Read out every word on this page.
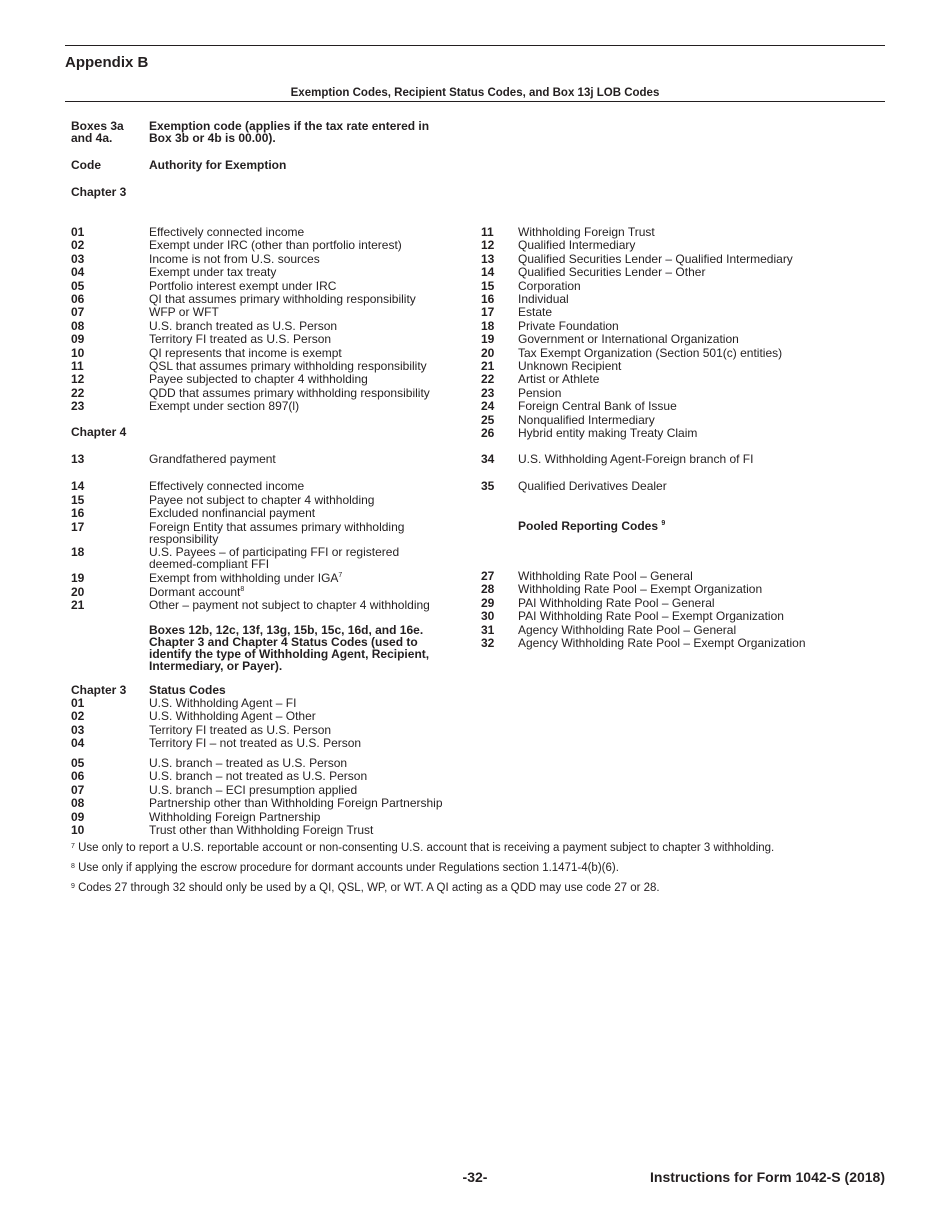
Appendix B
Exemption Codes, Recipient Status Codes, and Box 13j LOB Codes
Boxes 3a and 4a.
Exemption code (applies if the tax rate entered in Box 3b or 4b is 00.00).
Code	Authority for Exemption
Chapter 3
01	Effectively connected income
02	Exempt under IRC (other than portfolio interest)
03	Income is not from U.S. sources
04	Exempt under tax treaty
05	Portfolio interest exempt under IRC
06	QI that assumes primary withholding responsibility
07	WFP or WFT
08	U.S. branch treated as U.S. Person
09	Territory FI treated as U.S. Person
10	QI represents that income is exempt
11	QSL that assumes primary withholding responsibility
12	Payee subjected to chapter 4 withholding
22	QDD that assumes primary withholding responsibility
23	Exempt under section 897(l)
Chapter 4
13	Grandfathered payment
14	Effectively connected income
15	Payee not subject to chapter 4 withholding
16	Excluded nonfinancial payment
17	Foreign Entity that assumes primary withholding responsibility
18	U.S. Payees – of participating FFI or registered deemed-compliant FFI
19	Exempt from withholding under IGA$^7$
20	Dormant account$^8$
21	Other – payment not subject to chapter 4 withholding
Boxes 12b, 12c, 13f, 13g, 15b, 15c, 16d, and 16e. Chapter 3 and Chapter 4 Status Codes (used to identify the type of Withholding Agent, Recipient, Intermediary, or Payer).
Chapter 3 Status Codes
01	U.S. Withholding Agent – FI
02	U.S. Withholding Agent – Other
03	Territory FI treated as U.S. Person
04	Territory FI – not treated as U.S. Person
05	U.S. branch – treated as U.S. Person
06	U.S. branch – not treated as U.S. Person
07	U.S. branch – ECI presumption applied
08	Partnership other than Withholding Foreign Partnership
09	Withholding Foreign Partnership
10	Trust other than Withholding Foreign Trust
11 Withholding Foreign Trust
12 Qualified Intermediary
13 Qualified Securities Lender – Qualified Intermediary
14 Qualified Securities Lender – Other
15 Corporation
16 Individual
17 Estate
18 Private Foundation
19 Government or International Organization
20 Tax Exempt Organization (Section 501(c) entities)
21 Unknown Recipient
22 Artist or Athlete
23 Pension
24 Foreign Central Bank of Issue
25 Nonqualified Intermediary
26 Hybrid entity making Treaty Claim
34 U.S. Withholding Agent-Foreign branch of FI
35 Qualified Derivatives Dealer
Pooled Reporting Codes $^9$
27 Withholding Rate Pool – General
28 Withholding Rate Pool – Exempt Organization
29 PAI Withholding Rate Pool – General
30 PAI Withholding Rate Pool – Exempt Organization
31 Agency Withholding Rate Pool – General
32 Agency Withholding Rate Pool – Exempt Organization
$^7$ Use only to report a U.S. reportable account or non-consenting U.S. account that is receiving a payment subject to chapter 3 withholding.
$^8$ Use only if applying the escrow procedure for dormant accounts under Regulations section 1.1471-4(b)(6).
$^9$ Codes 27 through 32 should only be used by a QI, QSL, WP, or WT. A QI acting as a QDD may use code 27 or 28.
-32-	Instructions for Form 1042-S (2018)
